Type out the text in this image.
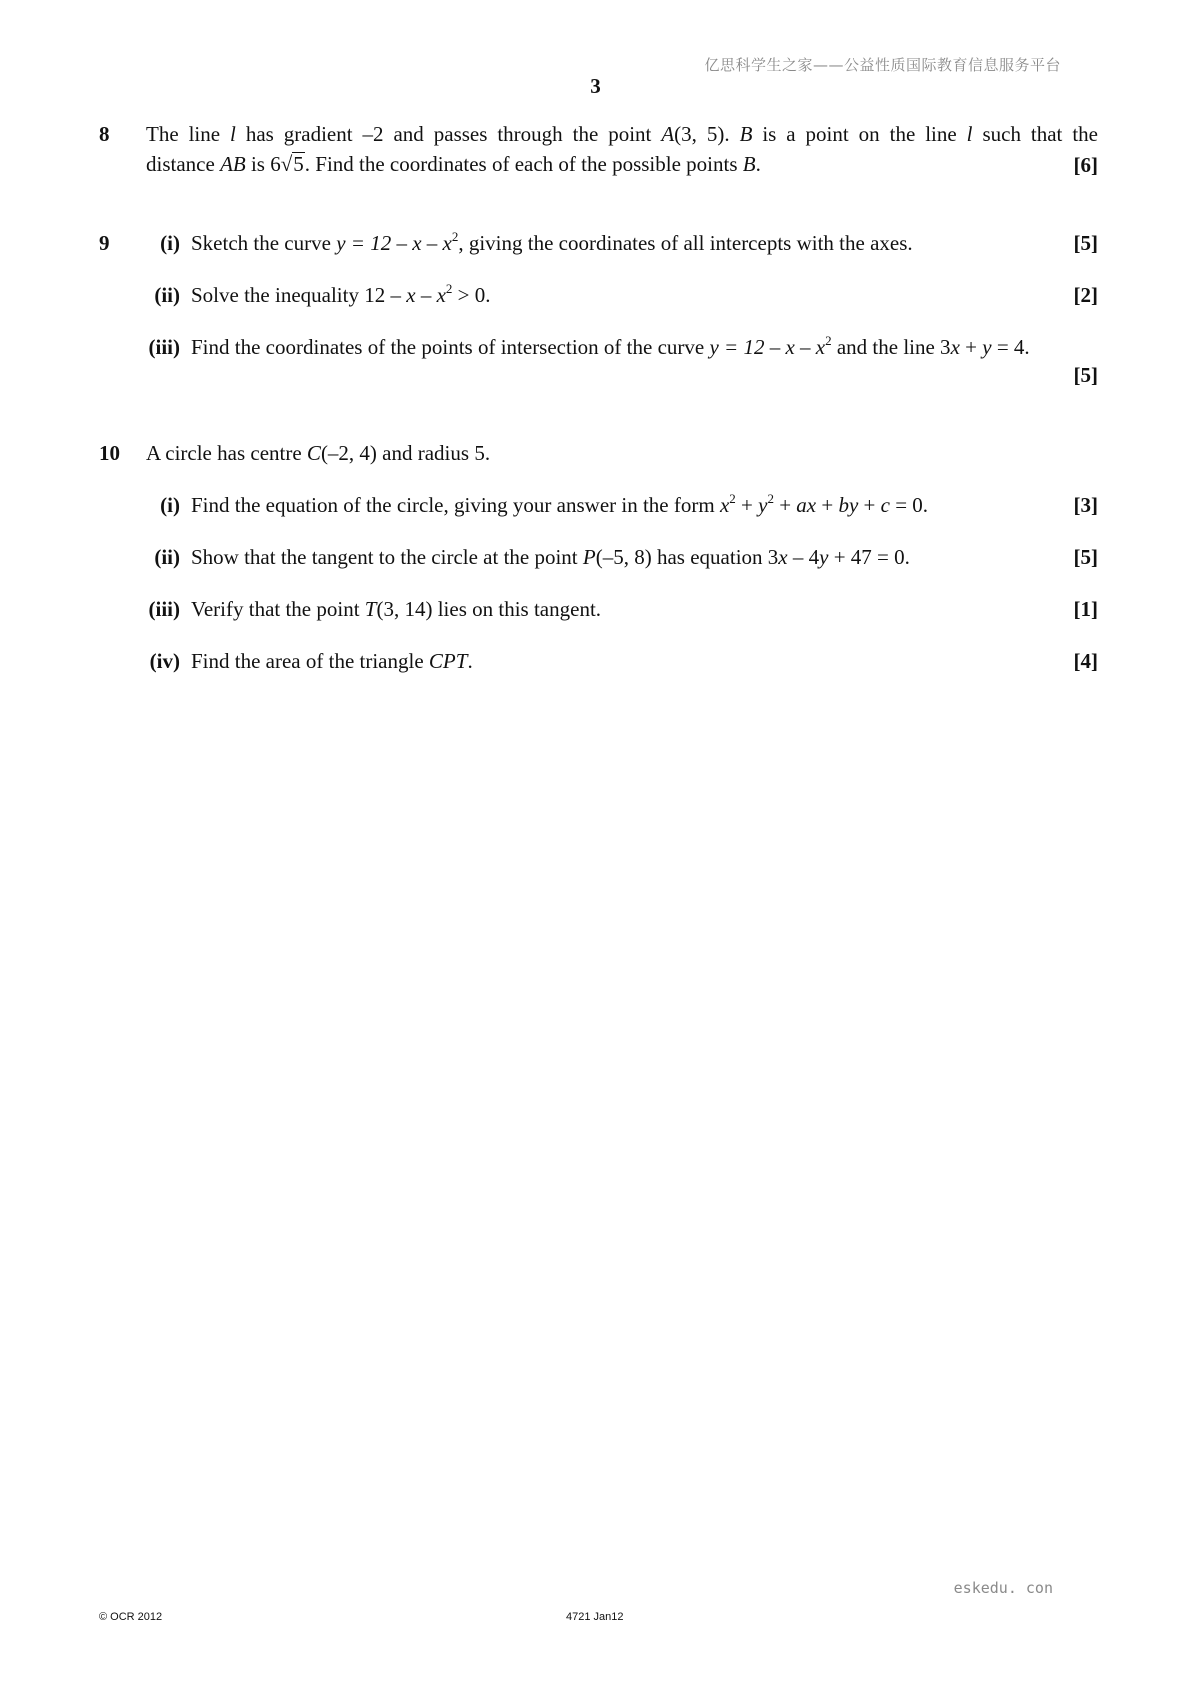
亿思科学生之家——公益性质国际教育信息服务平台
3
8 The line l has gradient –2 and passes through the point A(3, 5). B is a point on the line l such that the
distance AB is 6√5. Find the coordinates of each of the possible points B.	[6]
9	(i) Sketch the curve $y = 12 - x - x^2$, giving the coordinates of all intercepts with the axes.	[5]
(ii) Solve the inequality $12 - x - x^2 > 0$.	[2]
(iii) Find the coordinates of the points of intersection of the curve $y = 12 - x - x^2$ and the line 3x + y = 4.
[5]
10 A circle has centre C(–2, 4) and radius 5.
(i) Find the equation of the circle, giving your answer in the form $x^2 + y^2$ + ax + by + c = 0.	[3]
(ii) Show that the tangent to the circle at the point P(–5, 8) has equation 3x – 4y + 47 = 0.	[5]
(iii) Verify that the point T(3, 14) lies on this tangent.	[1]
(iv) Find the area of the triangle CPT.	[4]
eskedu. con
© OCR 2012	4721 Jan12
